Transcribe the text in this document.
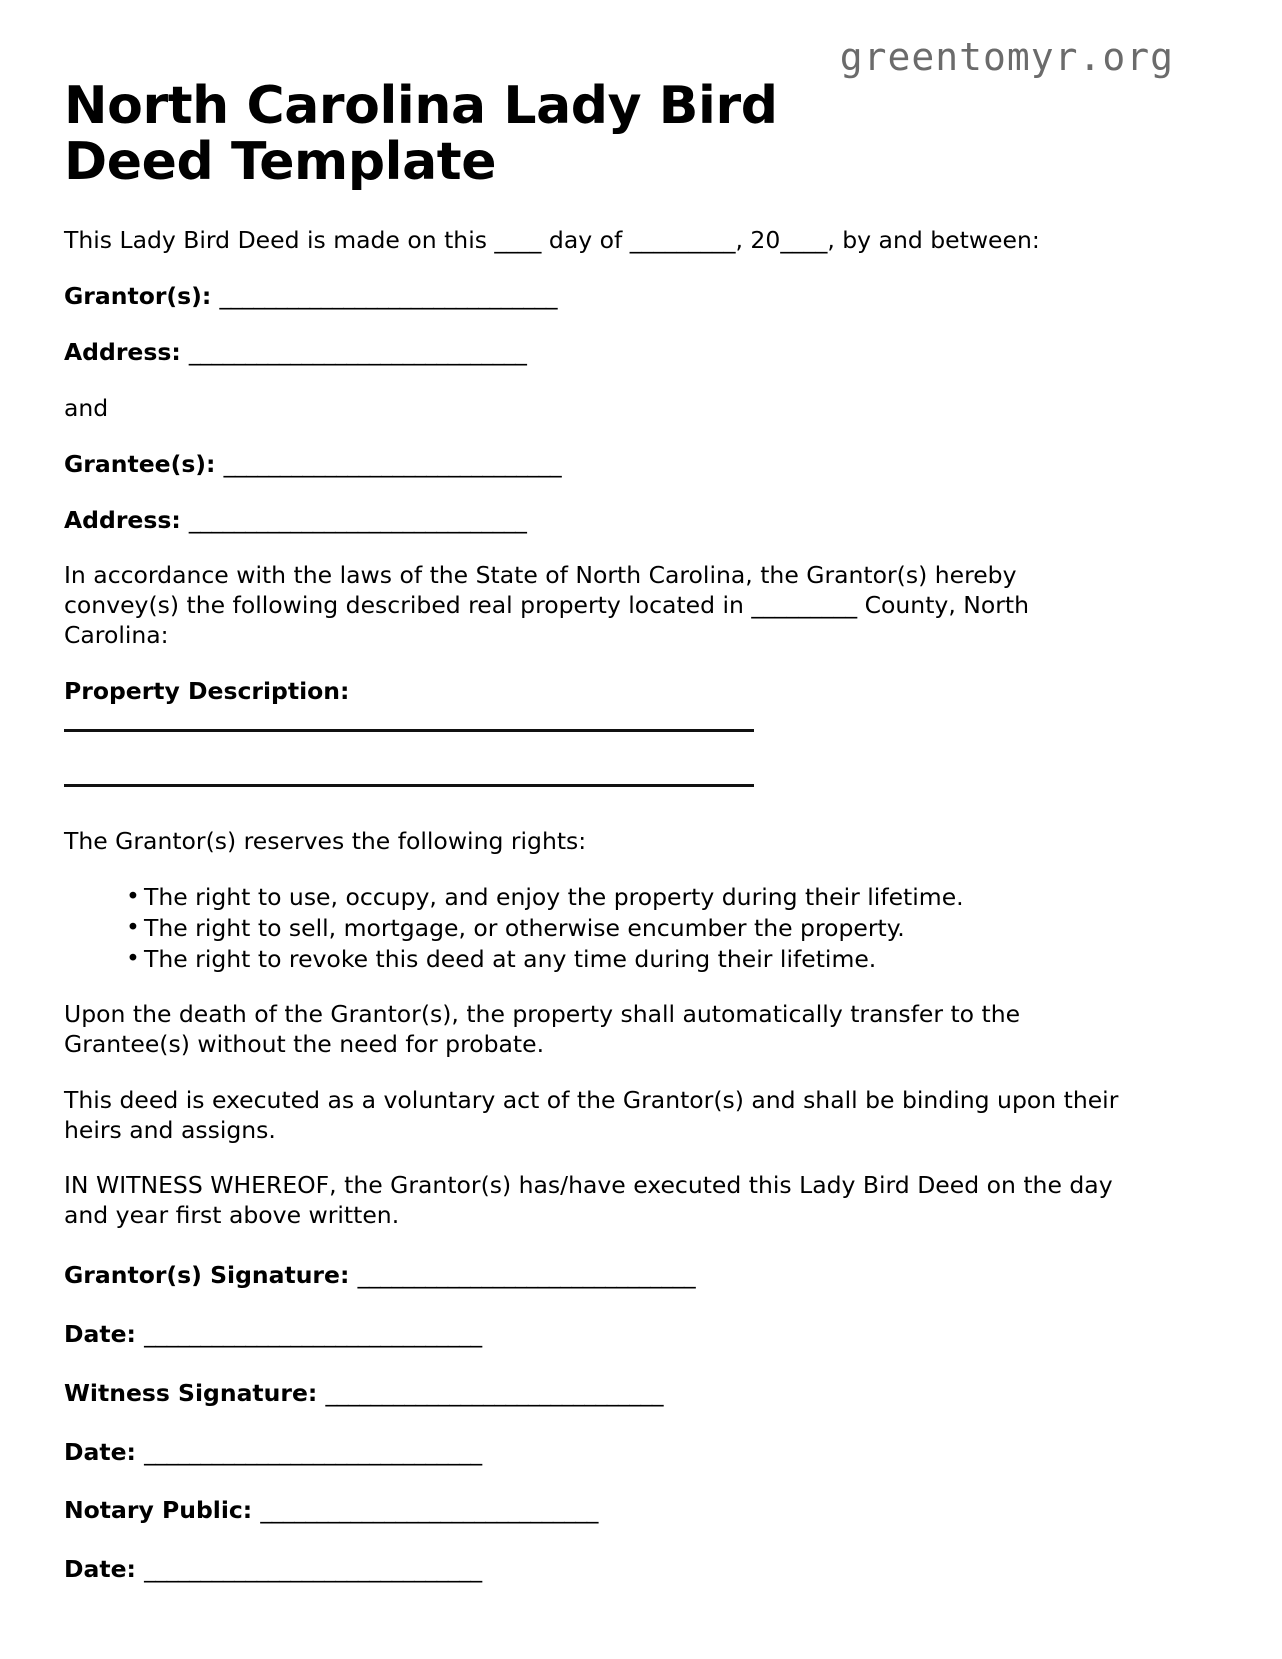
greentomyr.org
North Carolina Lady Bird Deed Template

This Lady Bird Deed is made on this ____ day of _________, 20____, by and between:

Grantor(s): ______________________________

Address: ______________________________

and

Grantee(s): ______________________________

Address: ______________________________

In accordance with the laws of the State of North Carolina, the Grantor(s) hereby convey(s) the following described real property located in _________ County, North Carolina:

Property Description:

The Grantor(s) reserves the following rights:

• The right to use, occupy, and enjoy the property during their lifetime.
• The right to sell, mortgage, or otherwise encumber the property.
• The right to revoke this deed at any time during their lifetime.

Upon the death of the Grantor(s), the property shall automatically transfer to the Grantee(s) without the need for probate.

This deed is executed as a voluntary act of the Grantor(s) and shall be binding upon their heirs and assigns.

IN WITNESS WHEREOF, the Grantor(s) has/have executed this Lady Bird Deed on the day and year first above written.

Grantor(s) Signature: ______________________________

Date: ______________________________

Witness Signature: ______________________________

Date: ______________________________

Notary Public: ______________________________

Date: ______________________________
